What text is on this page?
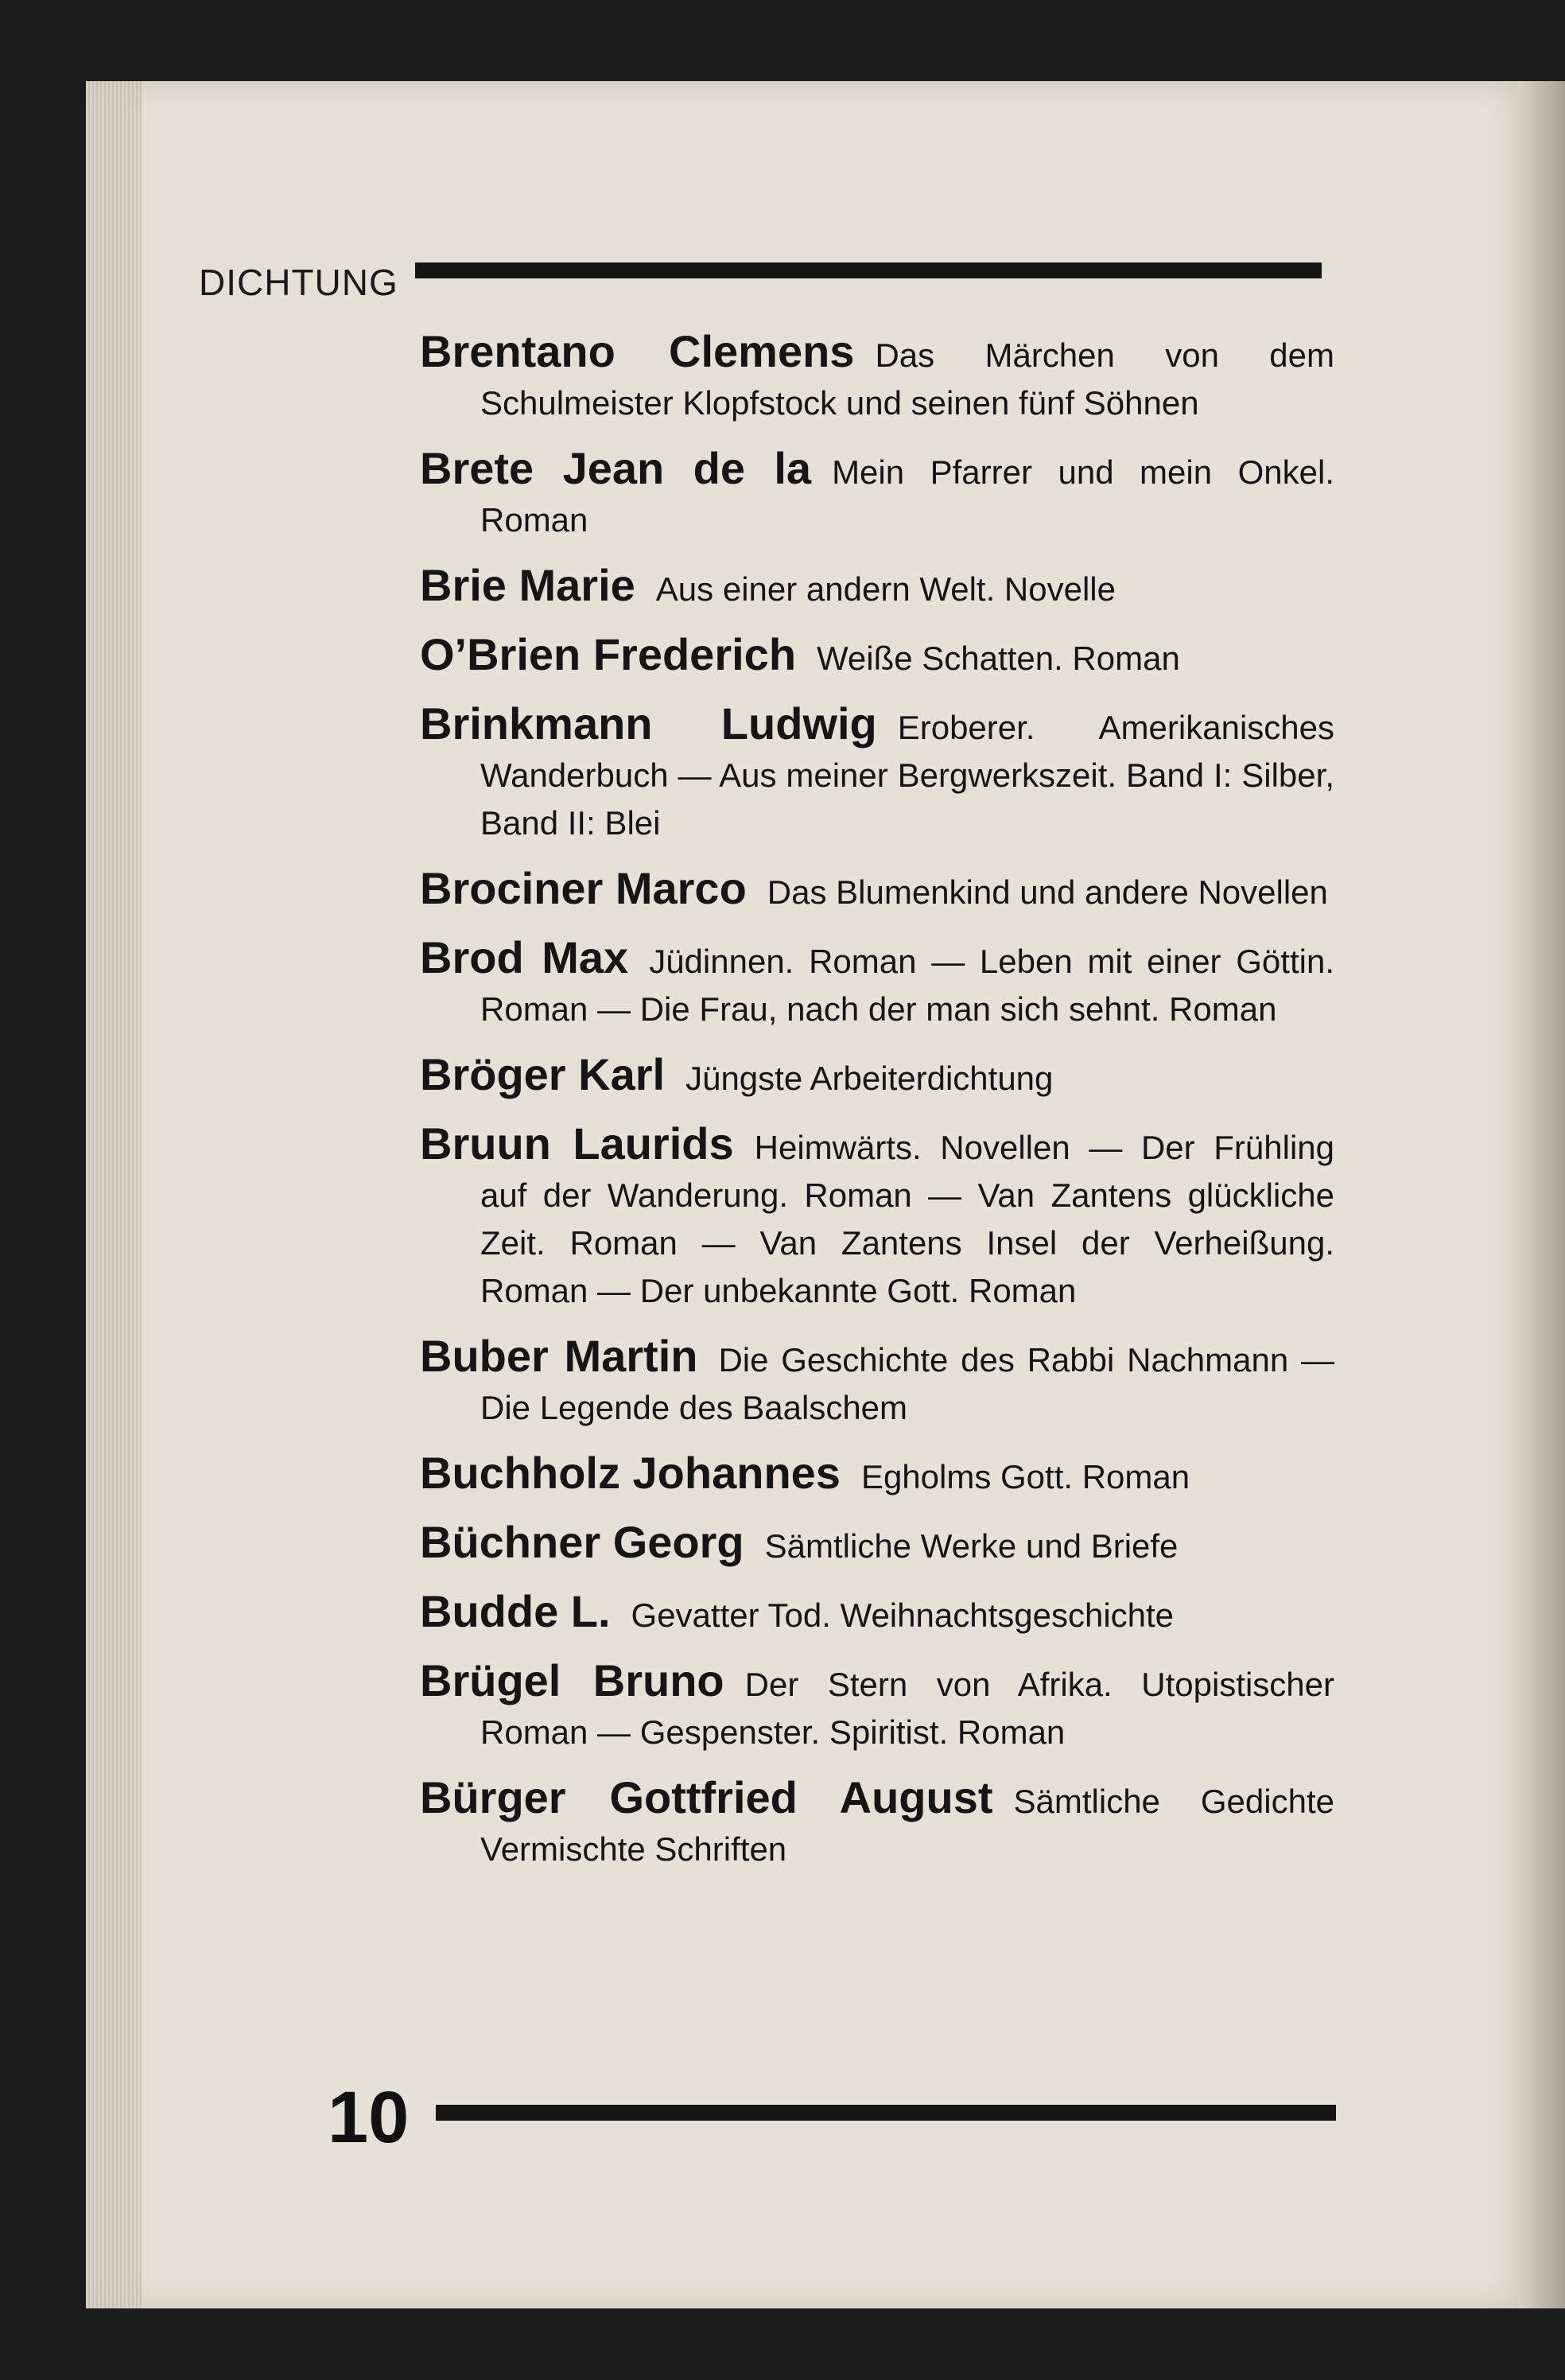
DICHTUNG

Brentano Clemens Das Märchen von dem Schulmeister Klopfstock und seinen fünf Söhnen

Brete Jean de la Mein Pfarrer und mein Onkel. Roman

Brie Marie Aus einer andern Welt. Novelle

O’Brien Frederich Weiße Schatten. Roman

Brinkmann Ludwig Eroberer. Amerikanisches Wanderbuch — Aus meiner Bergwerkszeit. Band I: Silber, Band II: Blei

Brociner Marco Das Blumenkind und andere Novellen

Brod Max Jüdinnen. Roman — Leben mit einer Göttin. Roman — Die Frau, nach der man sich sehnt. Roman

Bröger Karl Jüngste Arbeiterdichtung

Bruun Laurids Heimwärts. Novellen — Der Frühling auf der Wanderung. Roman — Van Zantens glückliche Zeit. Roman — Van Zantens Insel der Verheißung. Roman — Der unbekannte Gott. Roman

Buber Martin Die Geschichte des Rabbi Nachmann — Die Legende des Baalschem

Buchholz Johannes Egholms Gott. Roman

Büchner Georg Sämtliche Werke und Briefe

Budde L. Gevatter Tod. Weihnachtsgeschichte

Brügel Bruno Der Stern von Afrika. Utopistischer Roman — Gespenster. Spiritist. Roman

Bürger Gottfried August Sämtliche Gedichte Vermischte Schriften

10
